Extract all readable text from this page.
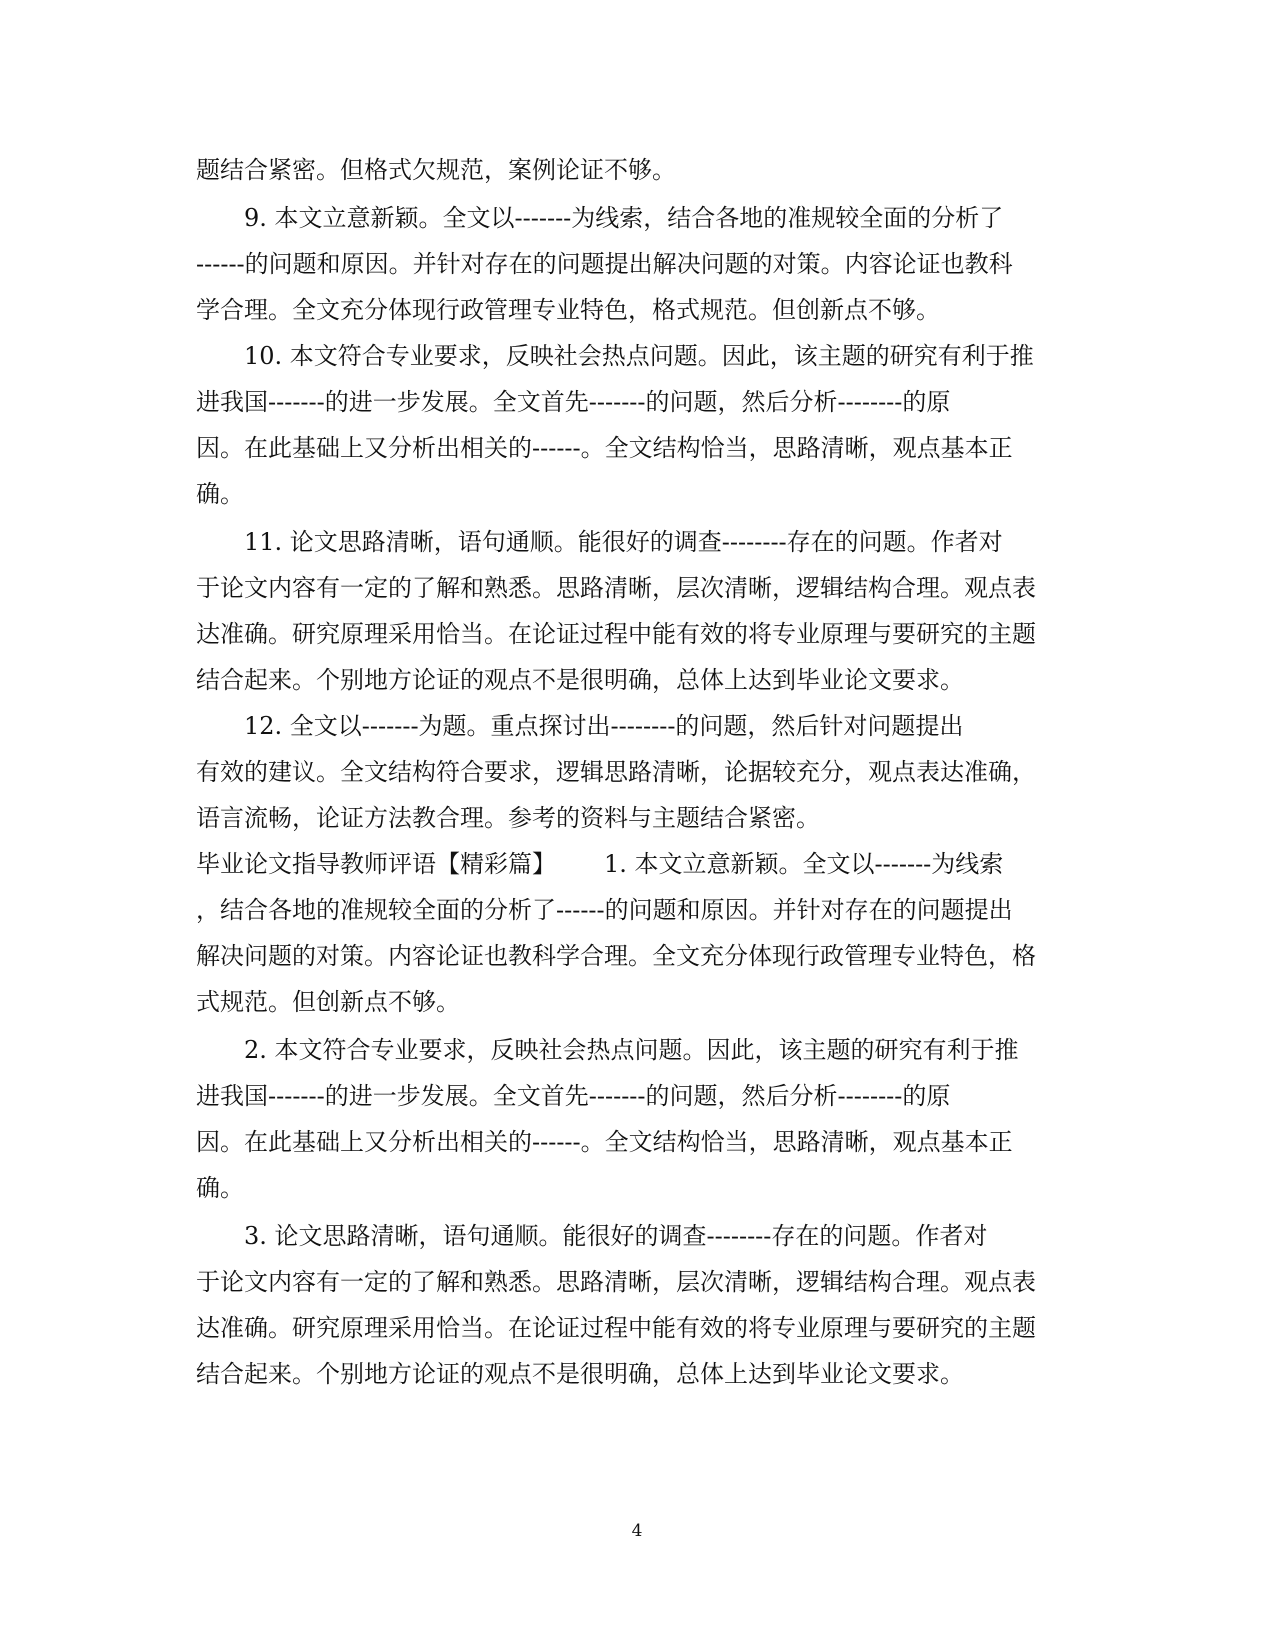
题结合紧密。但格式欠规范，案例论证不够。
9. 本文立意新颖。全文以-------为线索，结合各地的准规较全面的分析了
------的问题和原因。并针对存在的问题提出解决问题的对策。内容论证也教科
学合理。全文充分体现行政管理专业特色，格式规范。但创新点不够。
10. 本文符合专业要求，反映社会热点问题。因此，该主题的研究有利于推
进我国-------的进一步发展。全文首先-------的问题，然后分析--------的原
因。在此基础上又分析出相关的------。全文结构恰当，思路清晰，观点基本正
确。
11. 论文思路清晰，语句通顺。能很好的调查--------存在的问题。作者对
于论文内容有一定的了解和熟悉。思路清晰，层次清晰，逻辑结构合理。观点表
达准确。研究原理采用恰当。在论证过程中能有效的将专业原理与要研究的主题
结合起来。个别地方论证的观点不是很明确，总体上达到毕业论文要求。
12. 全文以-------为题。重点探讨出--------的问题，然后针对问题提出
有效的建议。全文结构符合要求，逻辑思路清晰，论据较充分，观点表达准确，
语言流畅，论证方法教合理。参考的资料与主题结合紧密。
毕业论文指导教师评语【精彩篇】 1. 本文立意新颖。全文以-------为线索
，结合各地的准规较全面的分析了------的问题和原因。并针对存在的问题提出
解决问题的对策。内容论证也教科学合理。全文充分体现行政管理专业特色，格
式规范。但创新点不够。
2. 本文符合专业要求，反映社会热点问题。因此，该主题的研究有利于推
进我国-------的进一步发展。全文首先-------的问题，然后分析--------的原
因。在此基础上又分析出相关的------。全文结构恰当，思路清晰，观点基本正
确。
3. 论文思路清晰，语句通顺。能很好的调查--------存在的问题。作者对
于论文内容有一定的了解和熟悉。思路清晰，层次清晰，逻辑结构合理。观点表
达准确。研究原理采用恰当。在论证过程中能有效的将专业原理与要研究的主题
结合起来。个别地方论证的观点不是很明确，总体上达到毕业论文要求。
4
